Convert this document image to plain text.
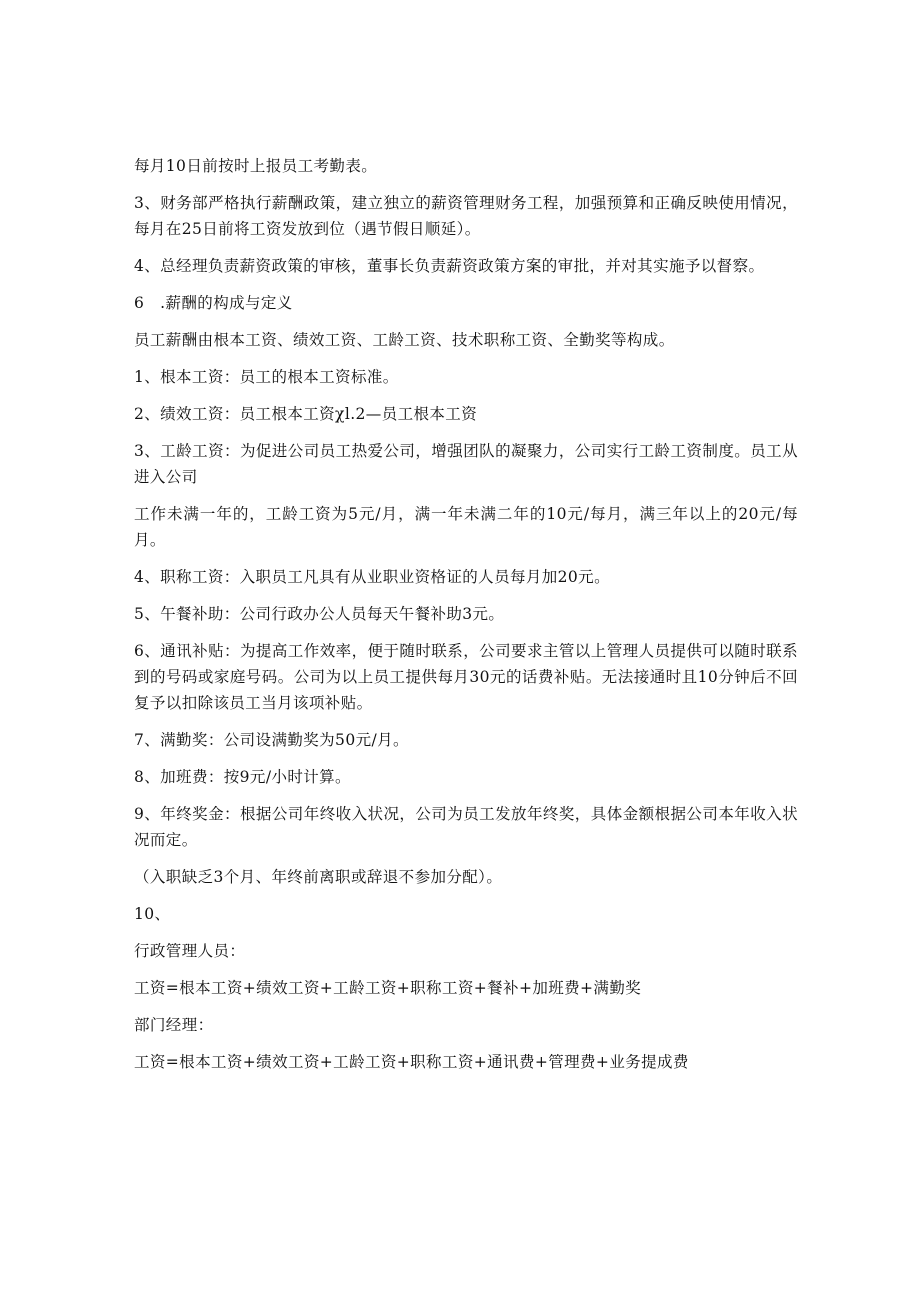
每月10日前按时上报员工考勤表。

3、财务部严格执行薪酬政策，建立独立的薪资管理财务工程，加强预算和正确反映使用情况，每月在25日前将工资发放到位（遇节假日顺延）。

4、总经理负责薪资政策的审核，董事长负责薪资政策方案的审批，并对其实施予以督察。

6　.薪酬的构成与定义

员工薪酬由根本工资、绩效工资、工龄工资、技术职称工资、全勤奖等构成。

1、根本工资：员工的根本工资标准。

2、绩效工资：员工根本工资χl.2—员工根本工资

3、工龄工资：为促进公司员工热爱公司，增强团队的凝聚力，公司实行工龄工资制度。员工从进入公司

工作未满一年的，工龄工资为5元/月，满一年未满二年的10元/每月，满三年以上的20元/每月。

4、职称工资：入职员工凡具有从业职业资格证的人员每月加20元。

5、午餐补助：公司行政办公人员每天午餐补助3元。

6、通讯补贴：为提高工作效率，便于随时联系，公司要求主管以上管理人员提供可以随时联系到的号码或家庭号码。公司为以上员工提供每月30元的话费补贴。无法接通时且10分钟后不回复予以扣除该员工当月该项补贴。

7、满勤奖：公司设满勤奖为50元/月。

8、加班费：按9元/小时计算。

9、年终奖金：根据公司年终收入状况，公司为员工发放年终奖，具体金额根据公司本年收入状况而定。

（入职缺乏3个月、年终前离职或辞退不参加分配）。

10、

行政管理人员：

工资=根本工资+绩效工资+工龄工资+职称工资+餐补+加班费+满勤奖

部门经理：

工资=根本工资+绩效工资+工龄工资+职称工资+通讯费+管理费+业务提成费
